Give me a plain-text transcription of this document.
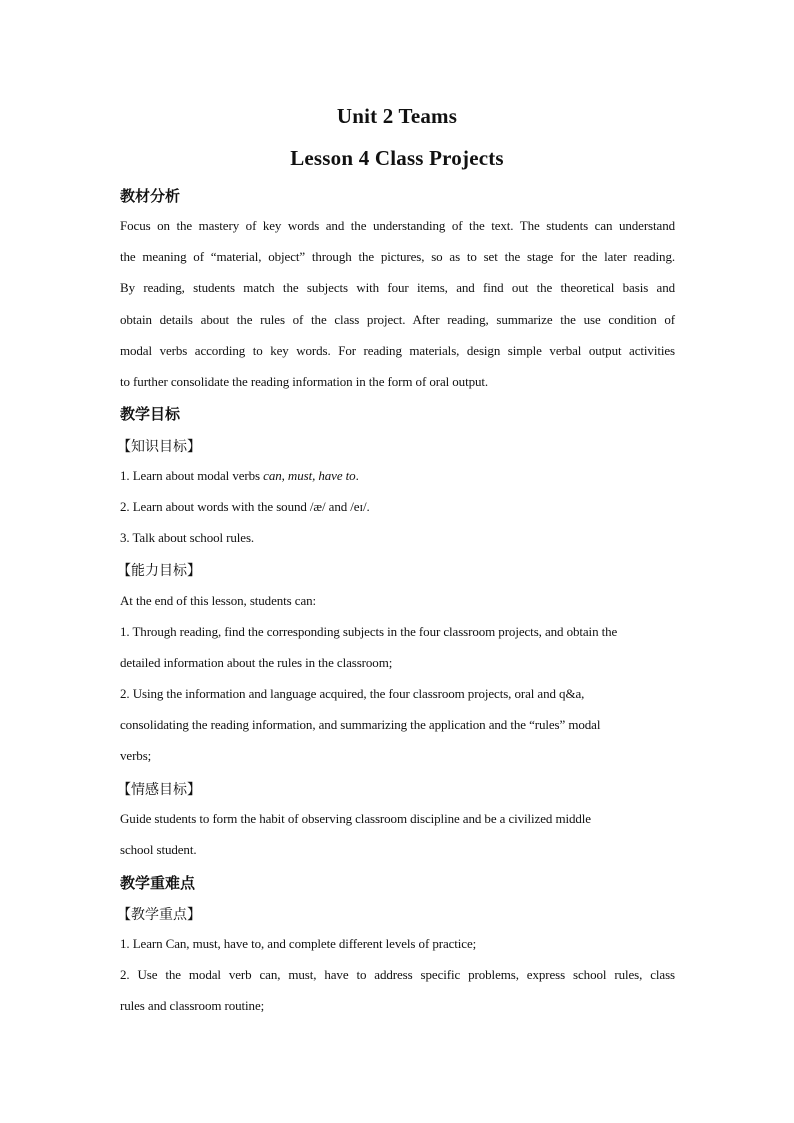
Unit 2 Teams
Lesson 4 Class Projects
教材分析
Focus on the mastery of key words and the understanding of the text. The students can understand
the meaning of “material, object” through the pictures, so as to set the stage for the later reading.
By reading, students match the subjects with four items, and find out the theoretical basis and
obtain details about the rules of the class project. After reading, summarize the use condition of
modal verbs according to key words. For reading materials, design simple verbal output activities
to further consolidate the reading information in the form of oral output.
教学目标
【知识目标】
1. Learn about modal verbs can, must, have to.
2. Learn about words with the sound /æ/ and /eɪ/.
3. Talk about school rules.
【能力目标】
At the end of this lesson, students can:
1. Through reading, find the corresponding subjects in the four classroom projects, and obtain the
detailed information about the rules in the classroom;
2. Using the information and language acquired, the four classroom projects, oral and q&a,
consolidating the reading information, and summarizing the application and the “rules” modal
verbs;
【情感目标】
Guide students to form the habit of observing classroom discipline and be a civilized middle
school student.
教学重难点
【教学重点】
1. Learn Can, must, have to, and complete different levels of practice;
2. Use the modal verb can, must, have to address specific problems, express school rules, class
rules and classroom routine;
